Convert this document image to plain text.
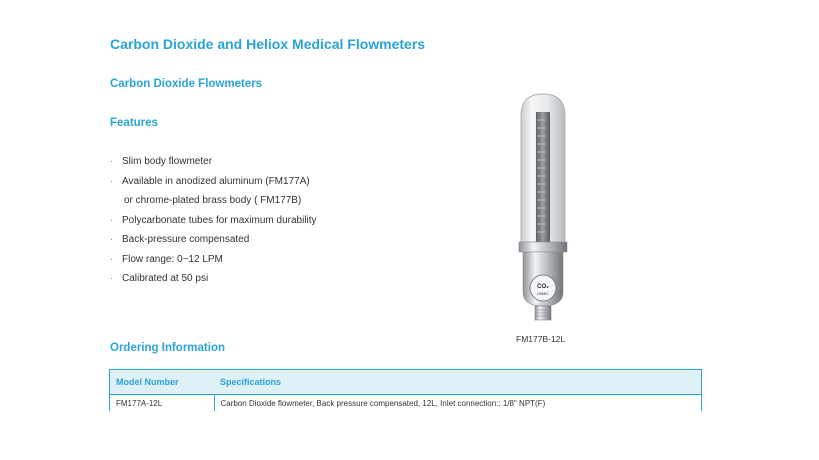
Carbon Dioxide and Heliox Medical Flowmeters
Carbon Dioxide Flowmeters
Features
· Slim body flowmeter
· Available in anodized aluminum (FM177A)
or chrome-plated brass body ( FM177B)
· Polycarbonate tubes for maximum durability
· Back-pressure compensated
· Flow range: 0~12 LPM
· Calibrated at 50 psi
CO₂
OHMIC
FM177B-12L
Ordering Information
Model Number	Specifications
FM177A-12L	Carbon Dioxide flowmeter, Back pressure compensated, 12L, Inlet connection:: 1/8" NPT(F)
